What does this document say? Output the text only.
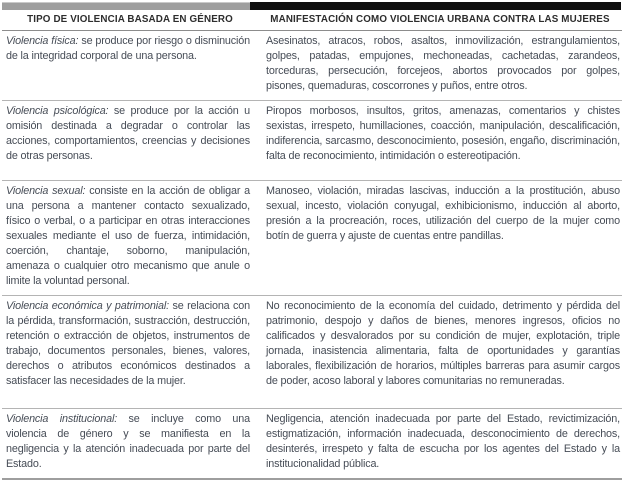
TIPO DE VIOLENCIA BASADA EN GÉNERO	MANIFESTACIÓN COMO VIOLENCIA URBANA CONTRA LAS MUJERES
Violencia física: se produce por riesgo o disminución de la integridad corporal de una persona.	Asesinatos, atracos, robos, asaltos, inmovilización, estrangulamientos, golpes, patadas, empujones, mechoneadas, cachetadas, zarandeos, torceduras, persecución, forcejeos, abortos provocados por golpes, pisones, quemaduras, coscorrones y puños, entre otros.
Violencia psicológica: se produce por la acción u omisión destinada a degradar o controlar las acciones, comportamientos, creencias y decisiones de otras personas.	Piropos morbosos, insultos, gritos, amenazas, comentarios y chistes sexistas, irrespeto, humillaciones, coacción, manipulación, descalificación, indiferencia, sarcasmo, desconocimiento, posesión, engaño, discriminación, falta de reconocimiento, intimidación o estereotipación.
Violencia sexual: consiste en la acción de obligar a una persona a mantener contacto sexualizado, físico o verbal, o a participar en otras interacciones sexuales mediante el uso de fuerza, intimidación, coerción, chantaje, soborno, manipulación, amenaza o cualquier otro mecanismo que anule o limite la voluntad personal.	Manoseo, violación, miradas lascivas, inducción a la prostitución, abuso sexual, incesto, violación conyugal, exhibicionismo, inducción al aborto, presión a la procreación, roces, utilización del cuerpo de la mujer como botín de guerra y ajuste de cuentas entre pandillas.
Violencia económica y patrimonial: se relaciona con la pérdida, transformación, sustracción, destrucción, retención o extracción de objetos, instrumentos de trabajo, documentos personales, bienes, valores, derechos o atributos económicos destinados a satisfacer las necesidades de la mujer.	No reconocimiento de la economía del cuidado, detrimento y pérdida del patrimonio, despojo y daños de bienes, menores ingresos, oficios no calificados y desvalorados por su condición de mujer, explotación, triple jornada, inasistencia alimentaria, falta de oportunidades y garantías laborales, flexibilización de horarios, múltiples barreras para asumir cargos de poder, acoso laboral y labores comunitarias no remuneradas.
Violencia institucional: se incluye como una violencia de género y se manifiesta en la negligencia y la atención inadecuada por parte del Estado.	Negligencia, atención inadecuada por parte del Estado, revictimización, estigmatización, información inadecuada, desconocimiento de derechos, desinterés, irrespeto y falta de escucha por los agentes del Estado y la institucionalidad pública.
